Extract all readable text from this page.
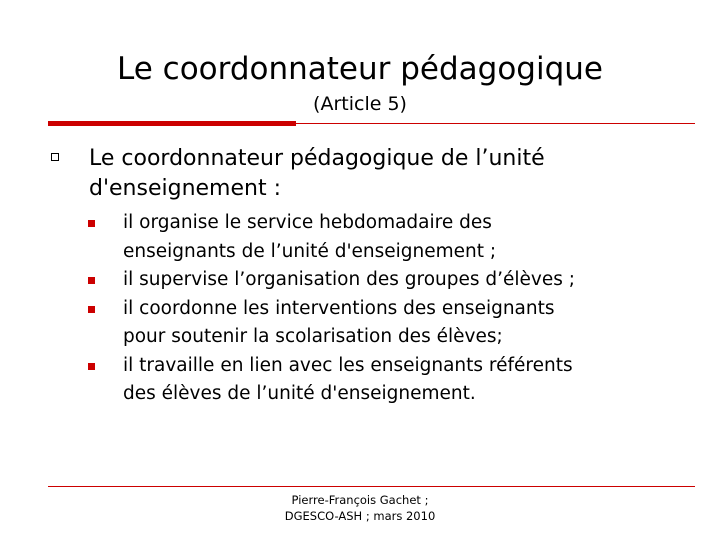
Le coordonnateur pédagogique
(Article 5)
Le coordonnateur pédagogique de l’unité
d'enseignement :
il organise le service hebdomadaire des
enseignants de l’unité d'enseignement ;
il supervise l’organisation des groupes d’élèves ;
il coordonne les interventions des enseignants
pour soutenir la scolarisation des élèves;
il travaille en lien avec les enseignants référents
des élèves de l’unité d'enseignement.
Pierre-François Gachet ;
DGESCO-ASH ; mars 2010
